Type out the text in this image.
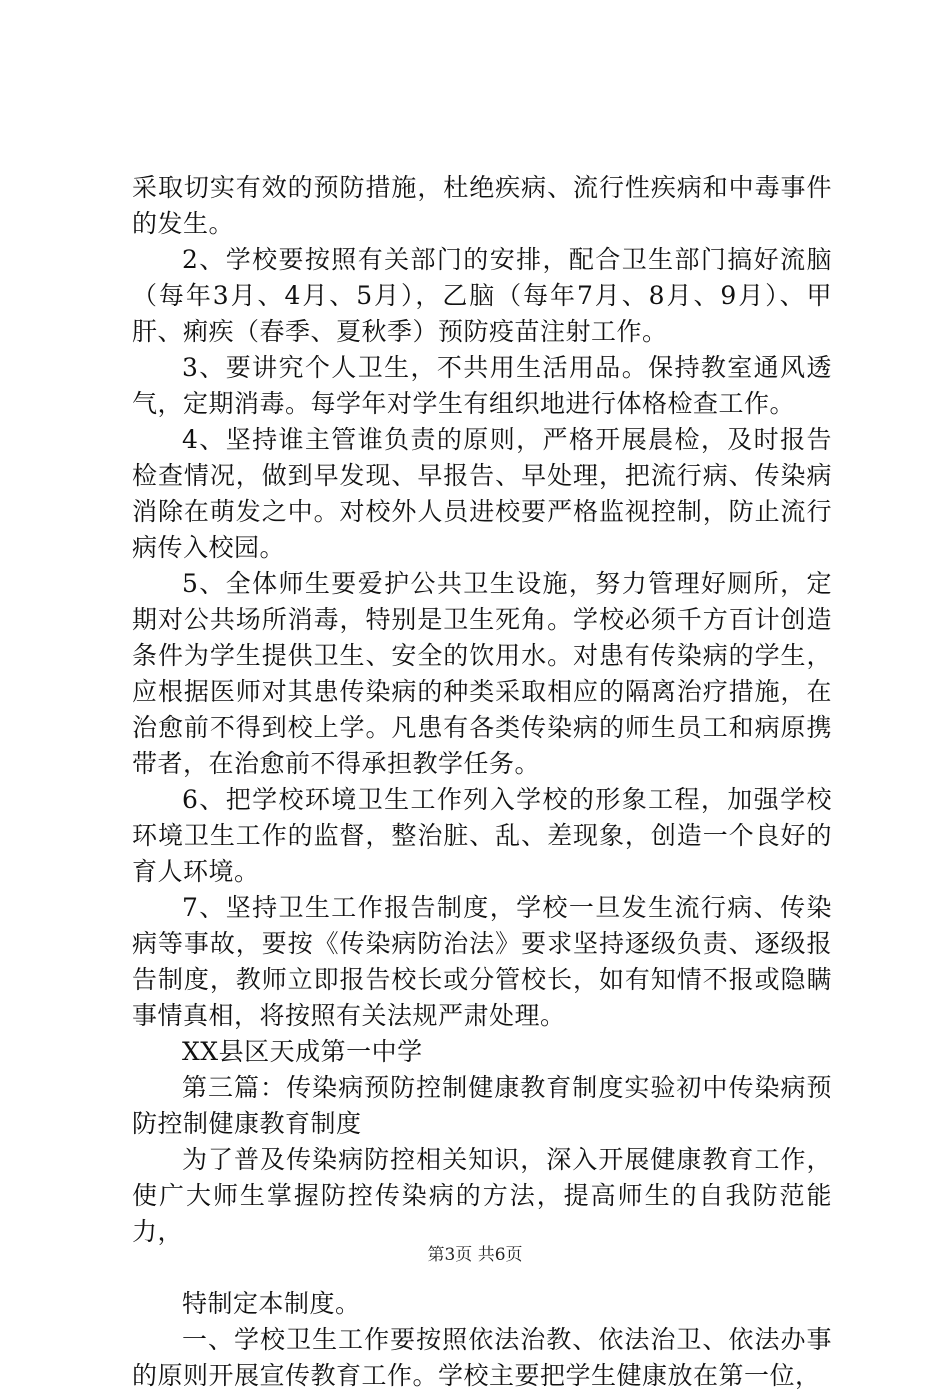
采取切实有效的预防措施，杜绝疾病、流行性疾病和中毒事件的发生。

2、学校要按照有关部门的安排，配合卫生部门搞好流脑（每年3月、4月、5月），乙脑（每年7月、8月、9月）、甲肝、痢疾（春季、夏秋季）预防疫苗注射工作。

3、要讲究个人卫生，不共用生活用品。保持教室通风透气，定期消毒。每学年对学生有组织地进行体格检查工作。

4、坚持谁主管谁负责的原则，严格开展晨检，及时报告检查情况，做到早发现、早报告、早处理，把流行病、传染病消除在萌发之中。对校外人员进校要严格监视控制，防止流行病传入校园。

5、全体师生要爱护公共卫生设施，努力管理好厕所，定期对公共场所消毒，特别是卫生死角。学校必须千方百计创造条件为学生提供卫生、安全的饮用水。对患有传染病的学生，应根据医师对其患传染病的种类采取相应的隔离治疗措施，在治愈前不得到校上学。凡患有各类传染病的师生员工和病原携带者，在治愈前不得承担教学任务。

6、把学校环境卫生工作列入学校的形象工程，加强学校环境卫生工作的监督，整治脏、乱、差现象，创造一个良好的育人环境。

7、坚持卫生工作报告制度，学校一旦发生流行病、传染病等事故，要按《传染病防治法》要求坚持逐级负责、逐级报告制度，教师立即报告校长或分管校长，如有知情不报或隐瞒事情真相，将按照有关法规严肃处理。

XX县区天成第一中学

第三篇：传染病预防控制健康教育制度实验初中传染病预防控制健康教育制度

为了普及传染病防控相关知识，深入开展健康教育工作，使广大师生掌握防控传染病的方法，提高师生的自我防范能力，

特制定本制度。

一、学校卫生工作要按照依法治教、依法治卫、依法办事的原则开展宣传教育工作。学校主要把学生健康放在第一位，

第3页 共6页
